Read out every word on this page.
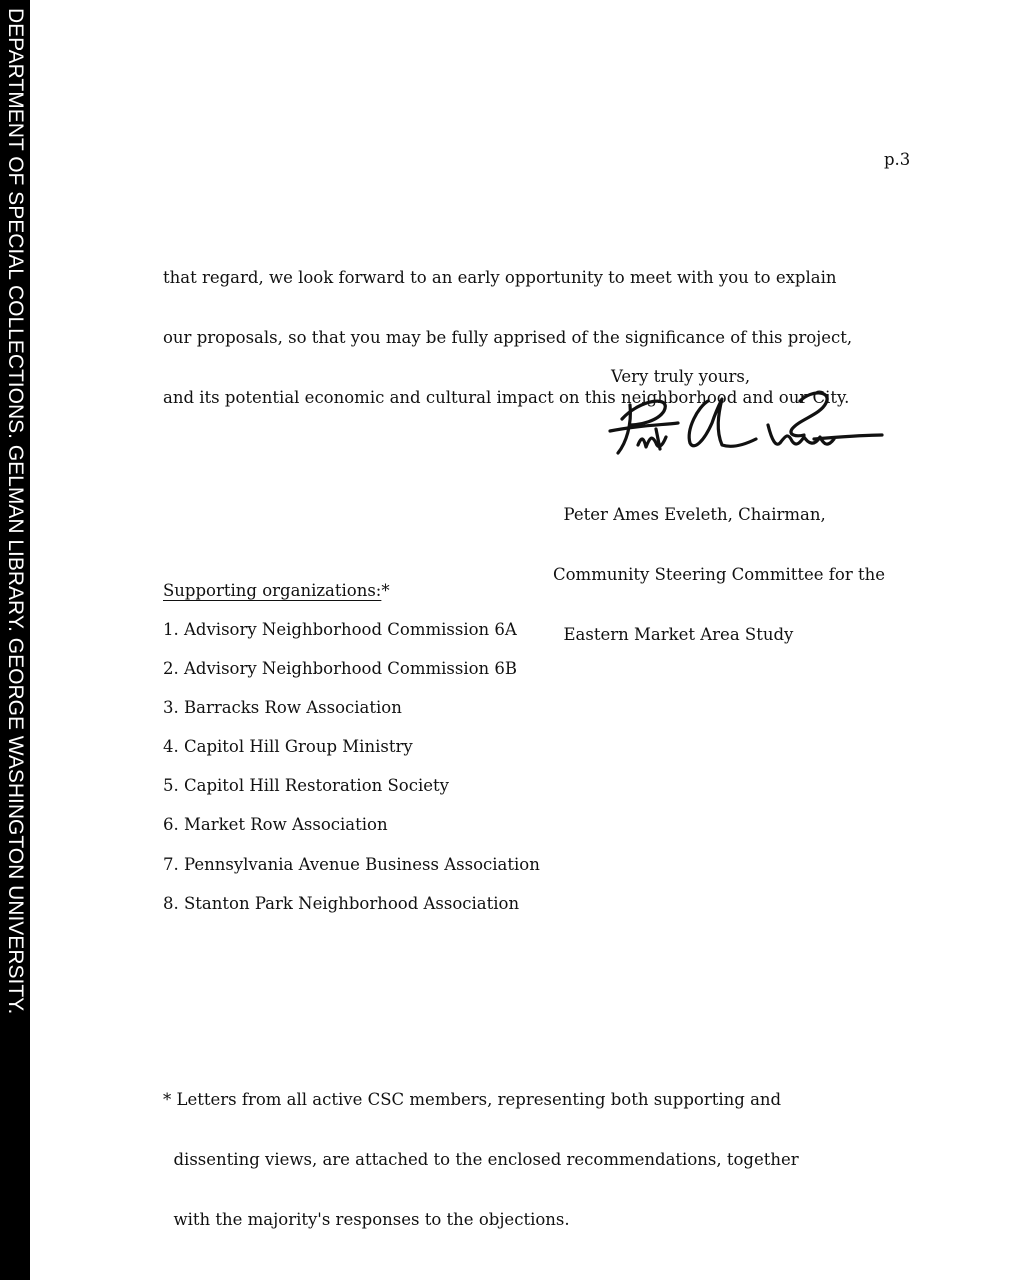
DEPARTMENT OF SPECIAL COLLECTIONS. GELMAN LIBRARY. GEORGE WASHINGTON UNIVERSITY.	p.3

that regard, we look forward to an early opportunity to meet with you to explain

our proposals, so that you may be fully apprised of the significance of this project,

and its potential economic and cultural impact on this neighborhood and our City.

Very truly yours,

Peter Ames Eveleth, Chairman,

Community Steering Committee for the

Eastern Market Area Study

Supporting organizations:*
1. Advisory Neighborhood Commission 6A
2. Advisory Neighborhood Commission 6B
3. Barracks Row Association
4. Capitol Hill Group Ministry
5. Capitol Hill Restoration Society
6. Market Row Association
7. Pennsylvania Avenue Business Association
8. Stanton Park Neighborhood Association

* Letters from all active CSC members, representing both supporting and

dissenting views, are attached to the enclosed recommendations, together

with the majority's responses to the objections.
